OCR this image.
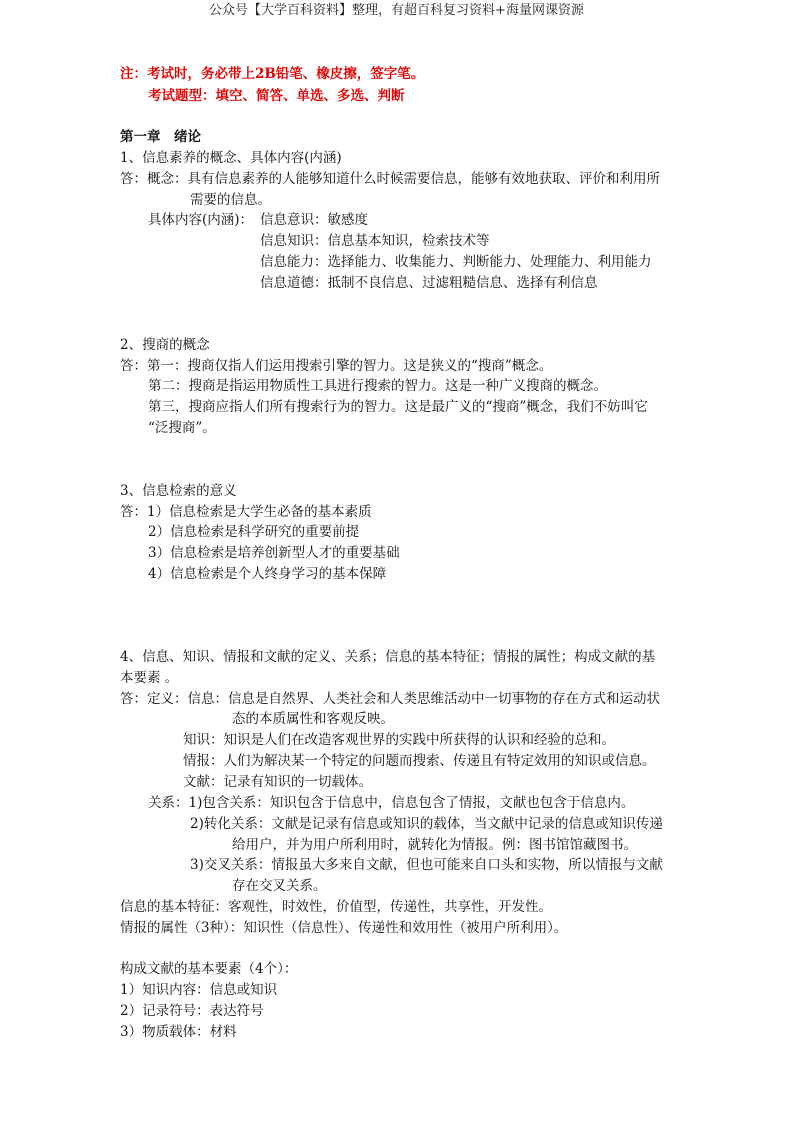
公众号【大学百科资料】整理，有超百科复习资料+海量网课资源
注：考试时，务必带上2B铅笔、橡皮擦，签字笔。
考试题型：填空、简答、单选、多选、判断
第一章　绪论
1、信息素养的概念、具体内容(内涵)
答：概念：具有信息素养的人能够知道什么时候需要信息，能够有效地获取、评价和利用所
需要的信息。
具体内容(内涵)： 信息意识：敏感度
信息知识：信息基本知识，检索技术等
信息能力：选择能力、收集能力、判断能力、处理能力、利用能力
信息道德：抵制不良信息、过滤粗糙信息、选择有利信息
2、搜商的概念
答：第一：搜商仅指人们运用搜索引擎的智力。这是狭义的“搜商”概念。
第二：搜商是指运用物质性工具进行搜索的智力。这是一种广义搜商的概念。
第三，搜商应指人们所有搜索行为的智力。这是最广义的“搜商”概念，我们不妨叫它
“泛搜商”。
3、信息检索的意义
答：1）信息检索是大学生必备的基本素质
2）信息检索是科学研究的重要前提
3）信息检索是培养创新型人才的重要基础
4）信息检索是个人终身学习的基本保障
4、信息、知识、情报和文献的定义、关系；信息的基本特征；情报的属性；构成文献的基
本要素 。
答：定义：信息：信息是自然界、人类社会和人类思维活动中一切事物的存在方式和运动状
态的本质属性和客观反映。
知识：知识是人们在改造客观世界的实践中所获得的认识和经验的总和。
情报：人们为解决某一个特定的问题而搜索、传递且有特定效用的知识或信息。
文献：记录有知识的一切载体。
关系：1)包含关系：知识包含于信息中，信息包含了情报，文献也包含于信息内。
2)转化关系：文献是记录有信息或知识的载体，当文献中记录的信息或知识传递
给用户，并为用户所利用时，就转化为情报。例：图书馆馆藏图书。
3)交叉关系：情报虽大多来自文献，但也可能来自口头和实物，所以情报与文献
存在交叉关系。
信息的基本特征：客观性，时效性，价值型，传递性，共享性，开发性。
情报的属性（3种）：知识性（信息性）、传递性和效用性（被用户所利用）。
构成文献的基本要素（4个）：
1）知识内容：信息或知识
2）记录符号：表达符号
3）物质载体：材料
